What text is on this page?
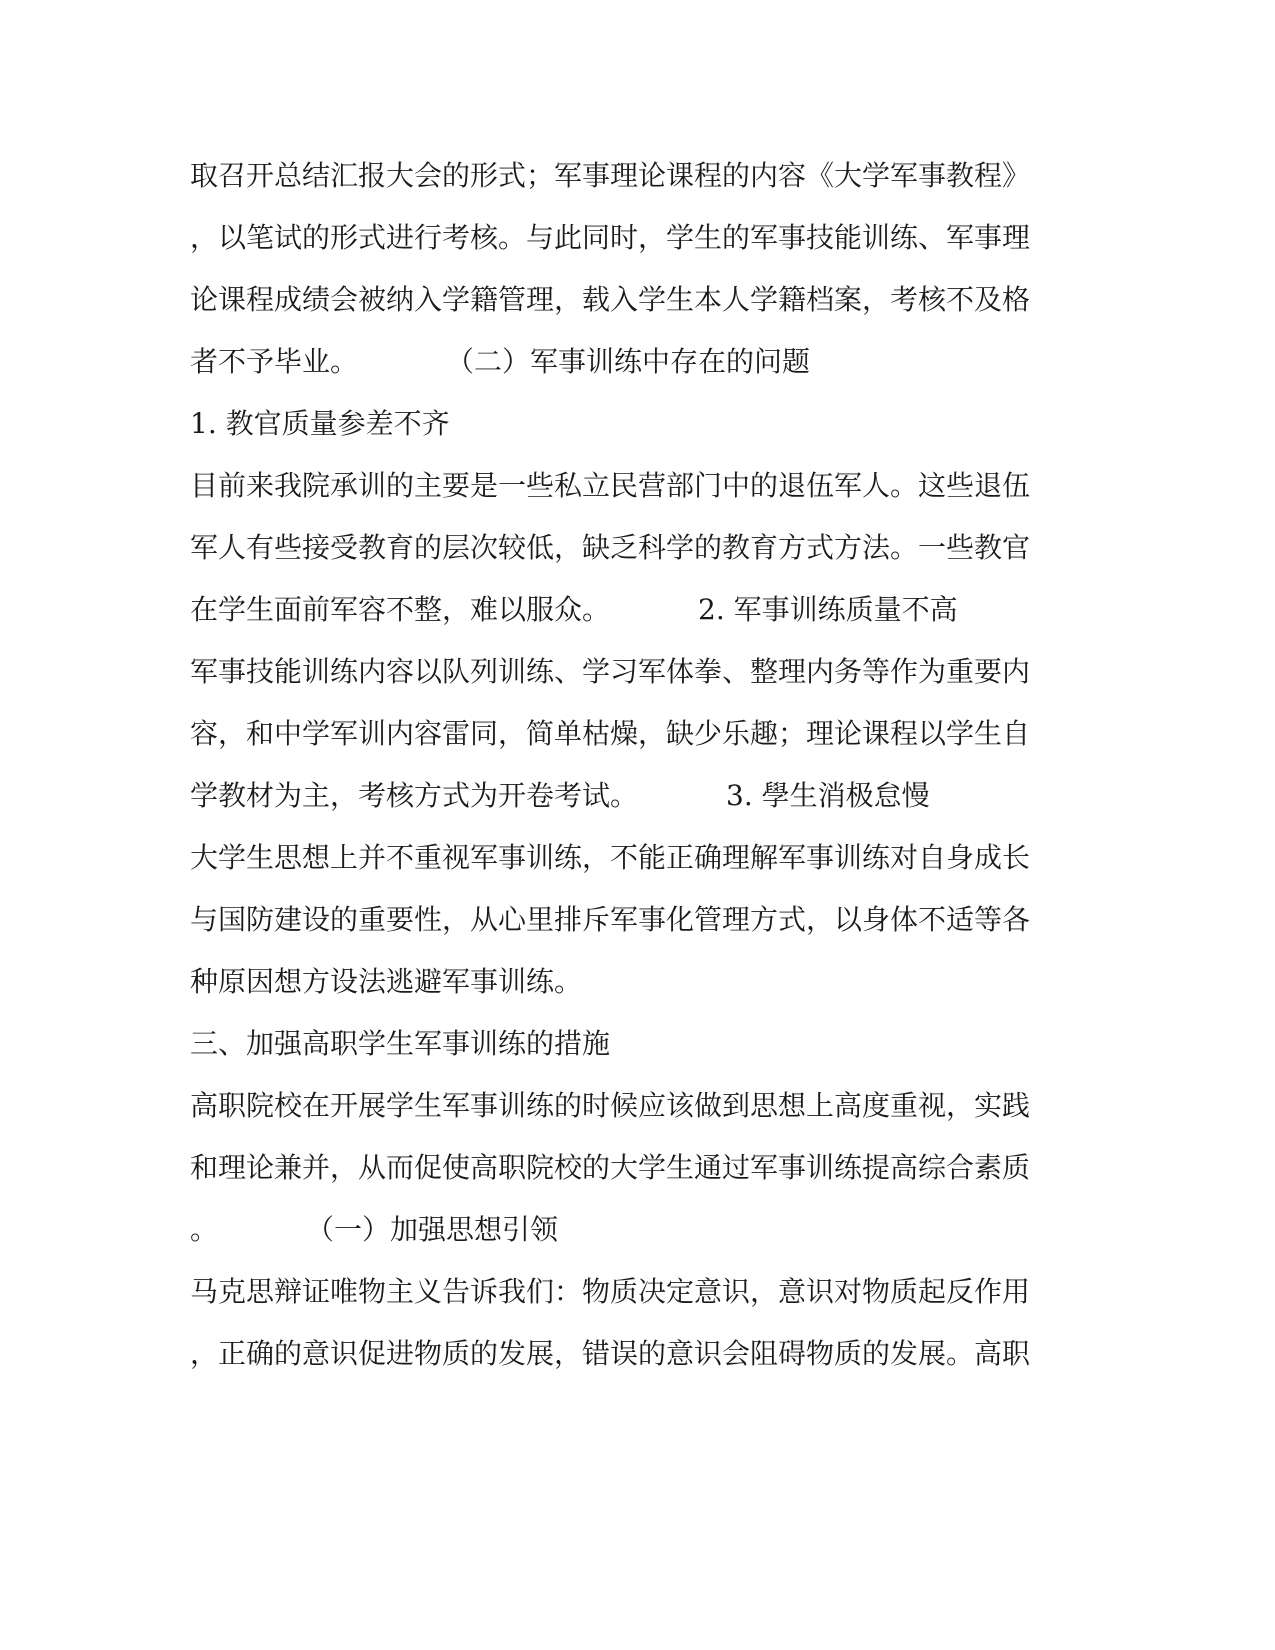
取召开总结汇报大会的形式；军事理论课程的内容《大学军事教程》
，以笔试的形式进行考核。与此同时，学生的军事技能训练、军事理
论课程成绩会被纳入学籍管理，载入学生本人学籍档案，考核不及格
者不予毕业。	（二）军事训练中存在的问题
1. 教官质量参差不齐
目前来我院承训的主要是一些私立民营部门中的退伍军人。这些退伍
军人有些接受教育的层次较低，缺乏科学的教育方式方法。一些教官
在学生面前军容不整，难以服众。	2. 军事训练质量不高
军事技能训练内容以队列训练、学习军体拳、整理内务等作为重要内
容，和中学军训内容雷同，简单枯燥，缺少乐趣；理论课程以学生自
学教材为主，考核方式为开卷考试。	3. 學生消极怠慢
大学生思想上并不重视军事训练，不能正确理解军事训练对自身成长
与国防建设的重要性，从心里排斥军事化管理方式，以身体不适等各
种原因想方设法逃避军事训练。
三、加强高职学生军事训练的措施
高职院校在开展学生军事训练的时候应该做到思想上高度重视，实践
和理论兼并，从而促使高职院校的大学生通过军事训练提高综合素质
。	（一）加强思想引领
马克思辩证唯物主义告诉我们：物质决定意识，意识对物质起反作用
，正确的意识促进物质的发展，错误的意识会阻碍物质的发展。高职
